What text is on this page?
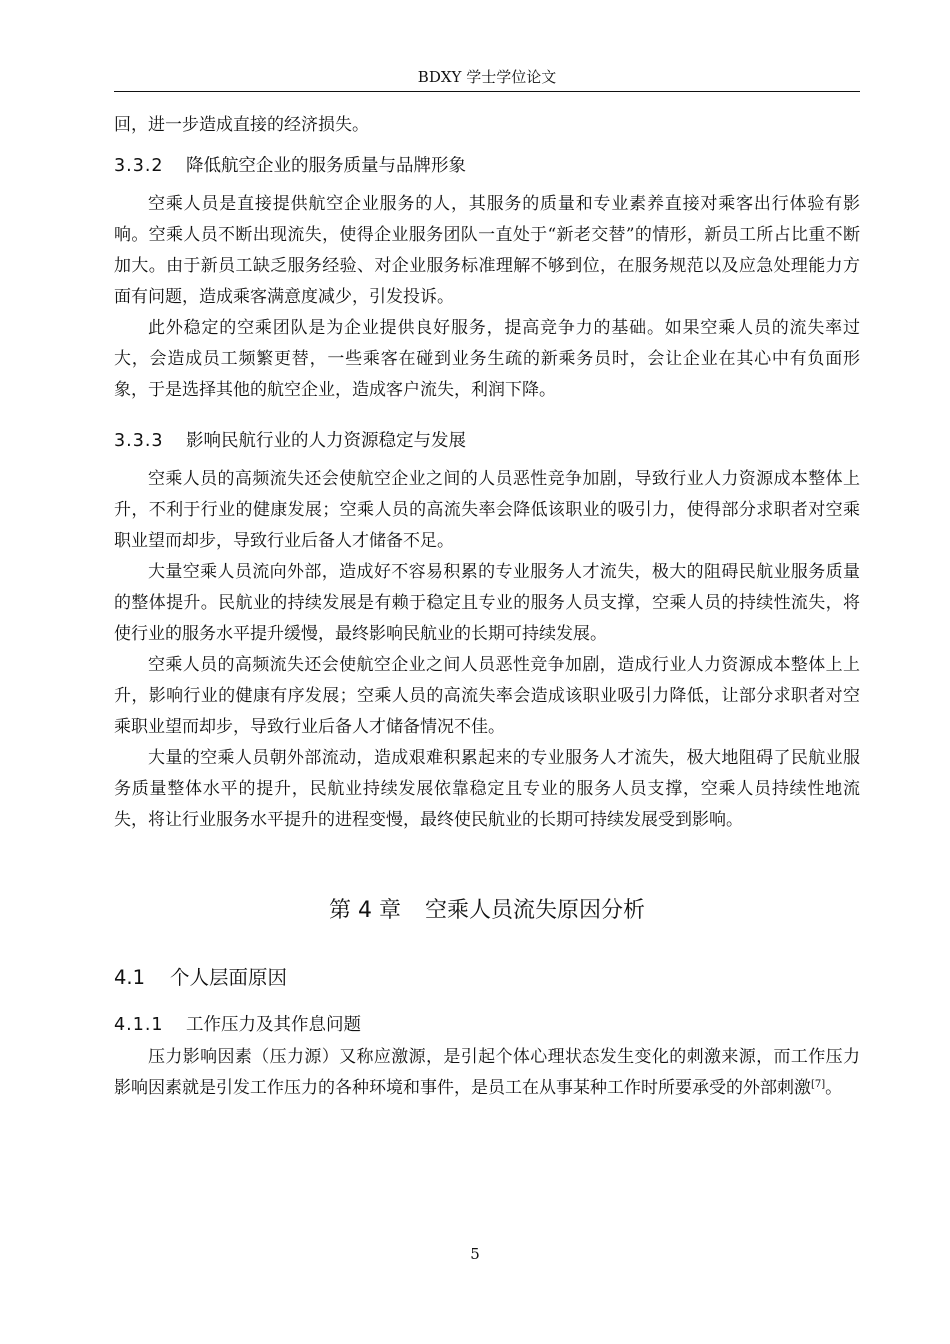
BDXY 学士学位论文

回，进一步造成直接的经济损失。

3.3.2 降低航空企业的服务质量与品牌形象

空乘人员是直接提供航空企业服务的人，其服务的质量和专业素养直接对乘客出行体验有影响。空乘人员不断出现流失，使得企业服务团队一直处于“新老交替”的情形，新员工所占比重不断加大。由于新员工缺乏服务经验、对企业服务标准理解不够到位，在服务规范以及应急处理能力方面有问题，造成乘客满意度减少，引发投诉。

此外稳定的空乘团队是为企业提供良好服务，提高竞争力的基础。如果空乘人员的流失率过大，会造成员工频繁更替，一些乘客在碰到业务生疏的新乘务员时，会让企业在其心中有负面形象，于是选择其他的航空企业，造成客户流失，利润下降。

3.3.3 影响民航行业的人力资源稳定与发展

空乘人员的高频流失还会使航空企业之间的人员恶性竞争加剧，导致行业人力资源成本整体上升，不利于行业的健康发展；空乘人员的高流失率会降低该职业的吸引力，使得部分求职者对空乘职业望而却步，导致行业后备人才储备不足。

大量空乘人员流向外部，造成好不容易积累的专业服务人才流失，极大的阻碍民航业服务质量的整体提升。民航业的持续发展是有赖于稳定且专业的服务人员支撑，空乘人员的持续性流失，将使行业的服务水平提升缓慢，最终影响民航业的长期可持续发展。

空乘人员的高频流失还会使航空企业之间人员恶性竞争加剧，造成行业人力资源成本整体上上升，影响行业的健康有序发展；空乘人员的高流失率会造成该职业吸引力降低，让部分求职者对空乘职业望而却步，导致行业后备人才储备情况不佳。

大量的空乘人员朝外部流动，造成艰难积累起来的专业服务人才流失，极大地阻碍了民航业服务质量整体水平的提升，民航业持续发展依靠稳定且专业的服务人员支撑，空乘人员持续性地流失，将让行业服务水平提升的进程变慢，最终使民航业的长期可持续发展受到影响。

第 4 章 空乘人员流失原因分析
4.1 个人层面原因
4.1.1 工作压力及其作息问题

压力影响因素（压力源）又称应激源，是引起个体心理状态发生变化的刺激来源，而工作压力影响因素就是引发工作压力的各种环境和事件，是员工在从事某种工作时所要承受的外部刺激[7]。

5
